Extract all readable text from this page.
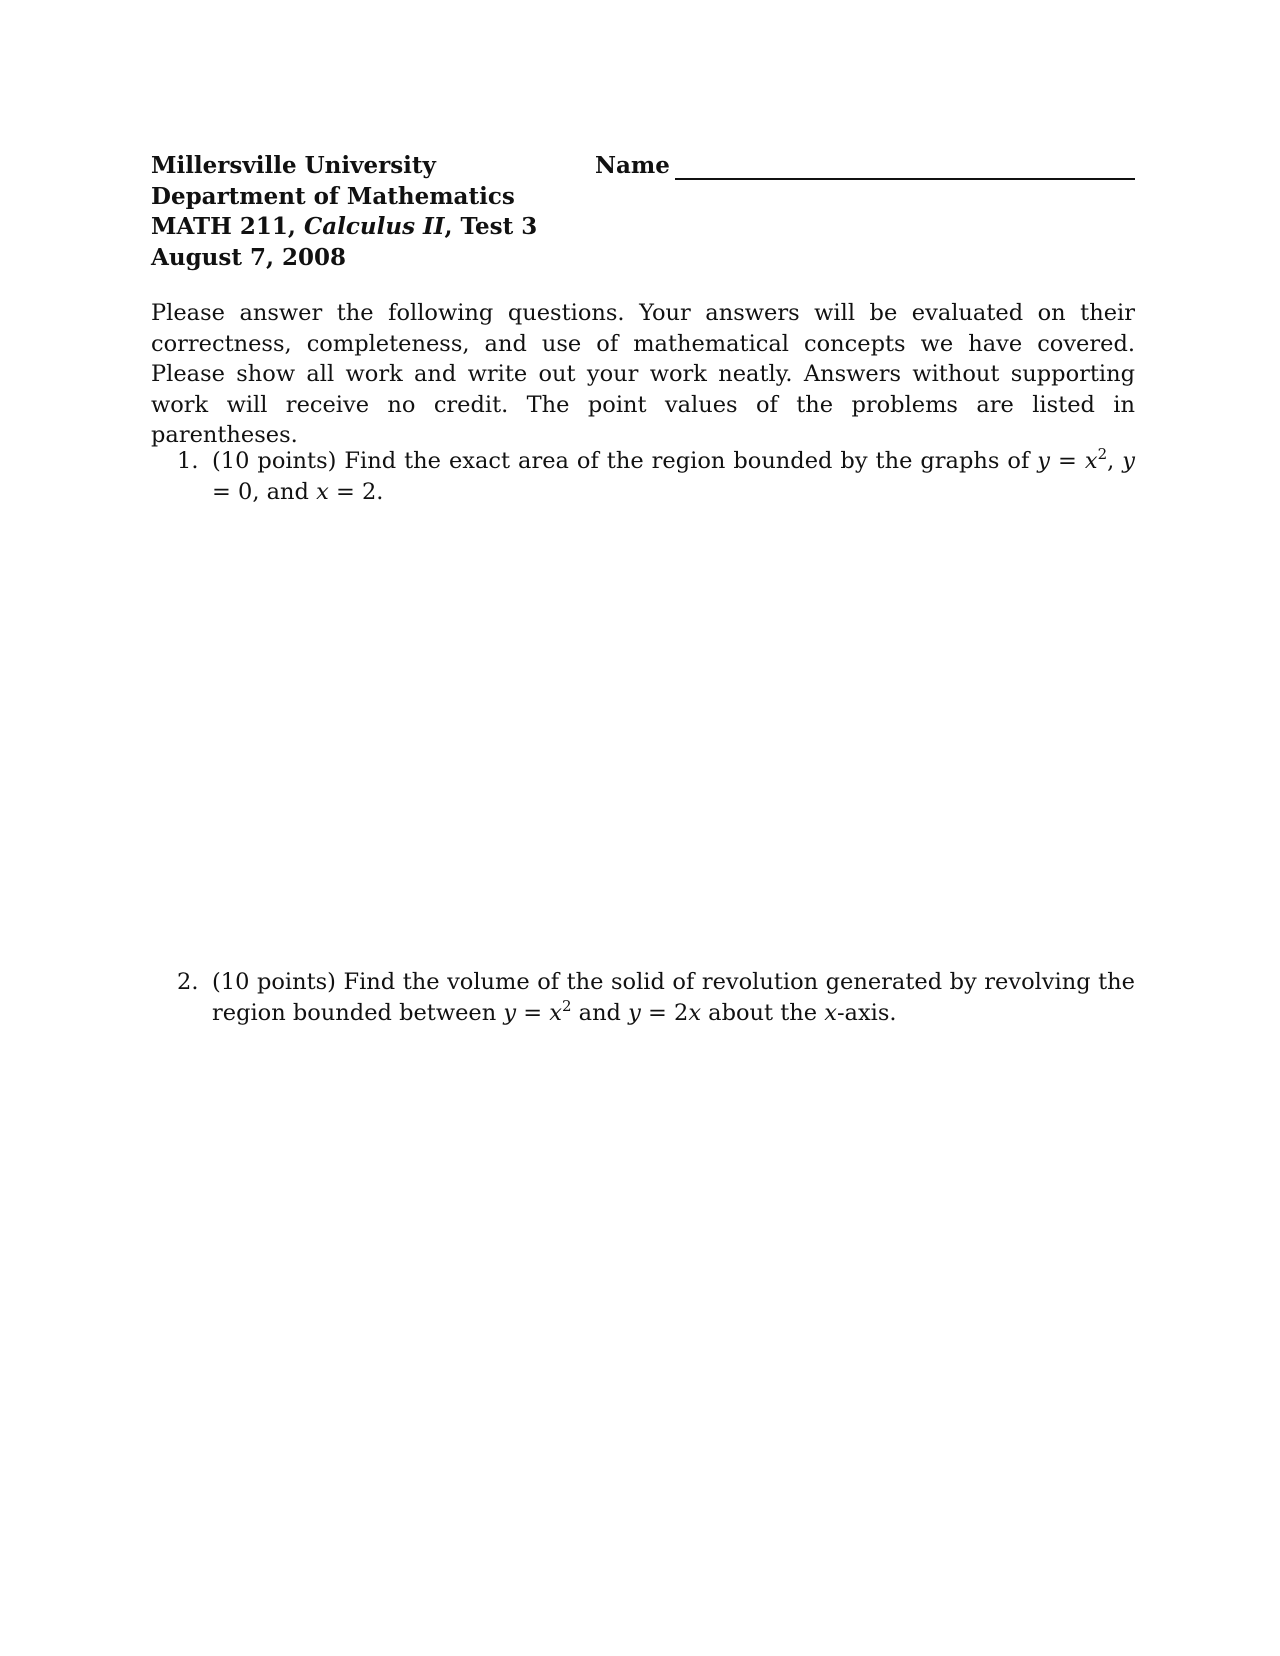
Millersville University
Department of Mathematics
MATH 211, Calculus II, Test 3
August 7, 2008
Name
Please answer the following questions. Your answers will be evaluated on their correctness, completeness, and use of mathematical concepts we have covered. Please show all work and write out your work neatly. Answers without supporting work will receive no credit. The point values of the problems are listed in parentheses.
1. (10 points) Find the exact area of the region bounded by the graphs of $y = x^2$, y = 0, and x = 2.
2. (10 points) Find the volume of the solid of revolution generated by revolving the region bounded between $y = x^2$ and y = 2x about the x-axis.
